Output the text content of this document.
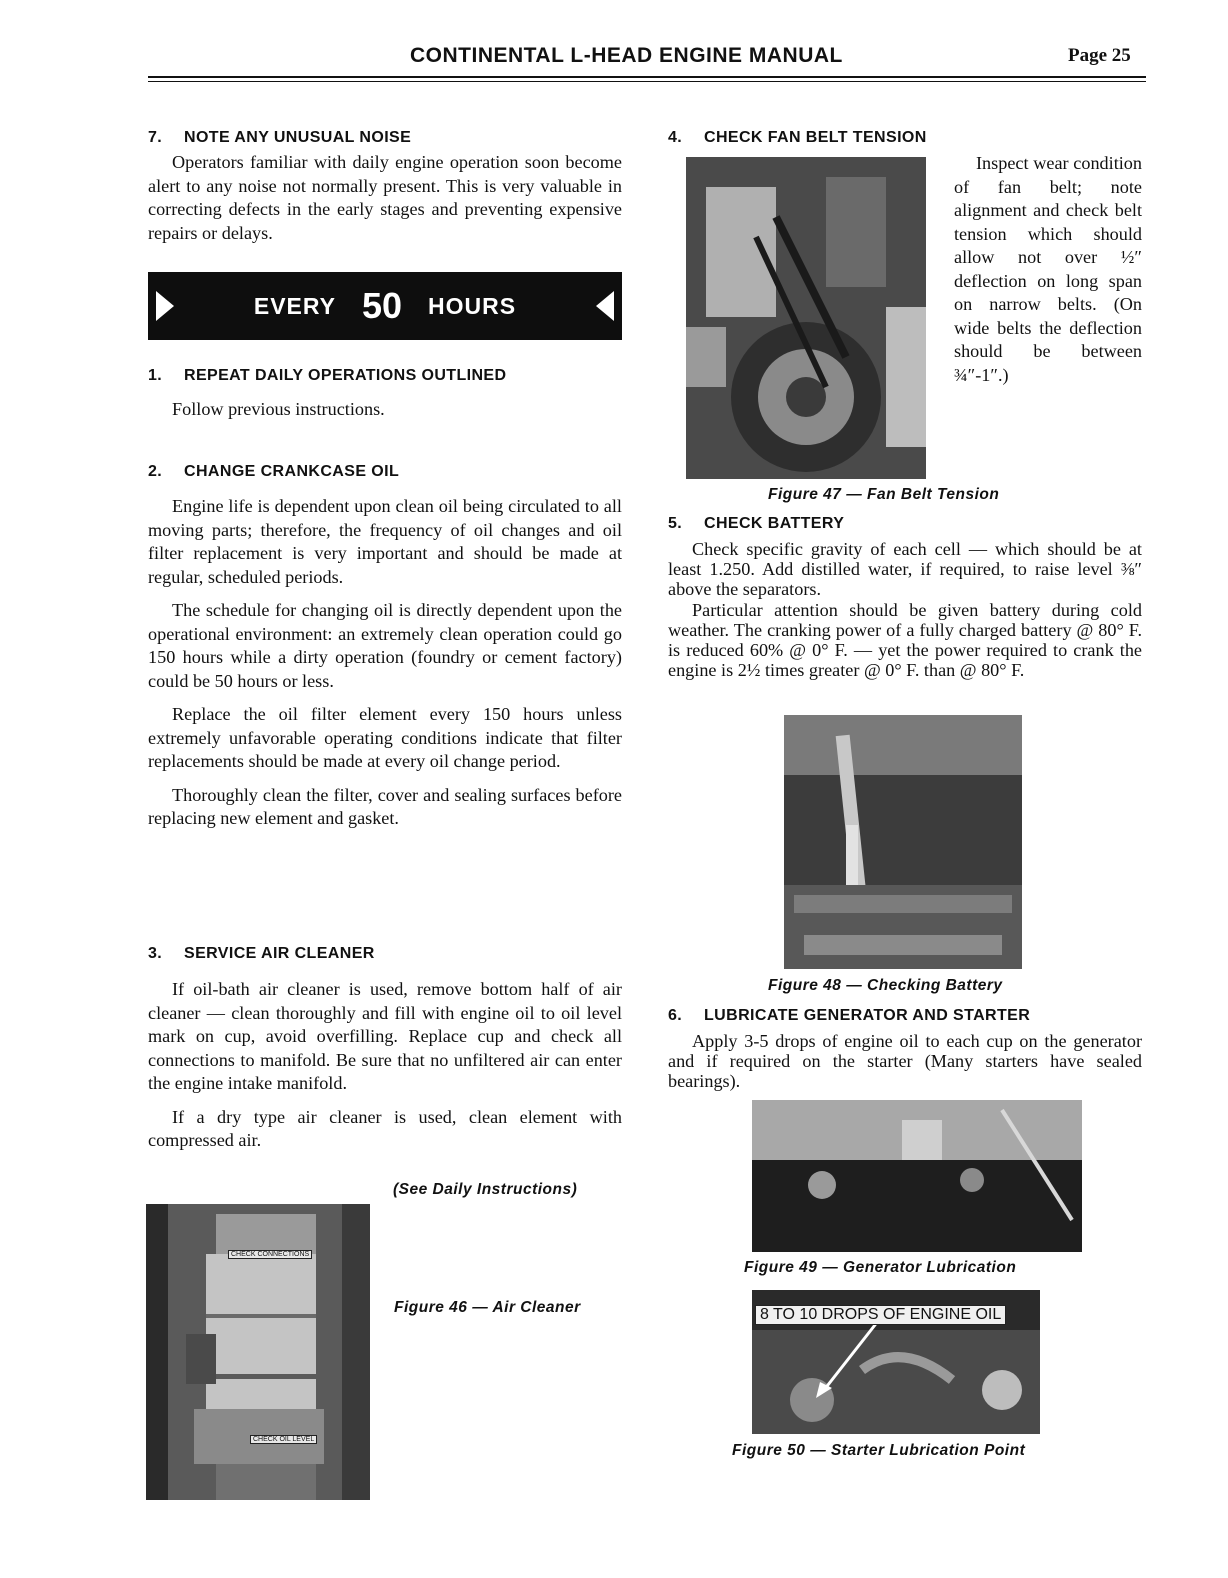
CONTINENTAL L-HEAD ENGINE MANUAL	Page 25
7. NOTE ANY UNUSUAL NOISE

Operators familiar with daily engine operation soon become alert to any noise not normally present. This is very valuable in correcting defects in the early stages and preventing expensive repairs or delays.

EVERY 50 HOURS
1. REPEAT DAILY OPERATIONS OUTLINED

Follow previous instructions.

2. CHANGE CRANKCASE OIL

Engine life is dependent upon clean oil being circulated to all moving parts; therefore, the frequency of oil changes and oil filter replacement is very important and should be made at regular, scheduled periods.

The schedule for changing oil is directly dependent upon the operational environment: an extremely clean operation could go 150 hours while a dirty operation (foundry or cement factory) could be 50 hours or less.

Replace the oil filter element every 150 hours unless extremely unfavorable operating conditions indicate that filter replacements should be made at every oil change period.

Thoroughly clean the filter, cover and sealing surfaces before replacing new element and gasket.

3. SERVICE AIR CLEANER

If oil-bath air cleaner is used, remove bottom half of air cleaner — clean thoroughly and fill with engine oil to oil level mark on cup, avoid overfilling. Replace cup and check all connections to manifold. Be sure that no unfiltered air can enter the engine intake manifold.

If a dry type air cleaner is used, clean element with compressed air.

(See Daily Instructions)
CHECK CONNECTIONS
CHECK OIL LEVEL
Figure 46 — Air Cleaner
4. CHECK FAN BELT TENSION

Inspect wear condition of fan belt; note alignment and check belt tension which should allow not over ½″ deflection on long span on narrow belts. (On wide belts the deflection should be between ¾″-1″.)

Figure 47 — Fan Belt Tension
5. CHECK BATTERY

Check specific gravity of each cell — which should be at least 1.250. Add distilled water, if required, to raise level ⅜″ above the separators.

Particular attention should be given battery during cold weather. The cranking power of a fully charged battery @ 80° F. is reduced 60% @ 0° F. — yet the power required to crank the engine is 2½ times greater @ 0° F. than @ 80° F.

Figure 48 — Checking Battery
6. LUBRICATE GENERATOR AND STARTER

Apply 3-5 drops of engine oil to each cup on the generator and if required on the starter (Many starters have sealed bearings).

Figure 49 — Generator Lubrication
8 TO 10 DROPS OF ENGINE OIL
Figure 50 — Starter Lubrication Point
